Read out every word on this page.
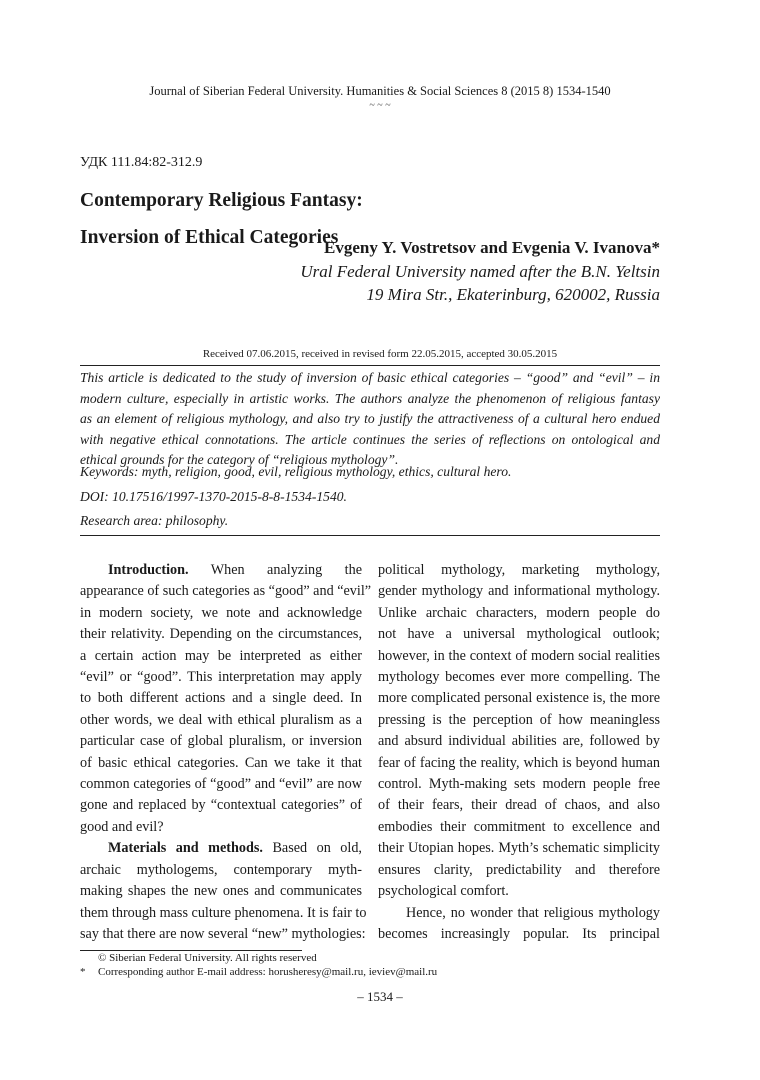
Journal of Siberian Federal University. Humanities & Social Sciences 8 (2015 8) 1534-1540
~ ~ ~
УДК 111.84:82-312.9
Contemporary Religious Fantasy:
Inversion of Ethical Categories
Evgeny Y. Vostretsov and Evgenia V. Ivanova*
Ural Federal University named after the B.N. Yeltsin
19 Mira Str., Ekaterinburg, 620002, Russia
Received 07.06.2015, received in revised form 22.05.2015, accepted 30.05.2015
This article is dedicated to the study of inversion of basic ethical categories – “good” and “evil” – in
modern culture, especially in artistic works. The authors analyze the phenomenon of religious fantasy
as an element of religious mythology, and also try to justify the attractiveness of a cultural hero endued
with negative ethical connotations. The article continues the series of reflections on ontological and
ethical grounds for the category of “religious mythology”.
Keywords: myth, religion, good, evil, religious mythology, ethics, cultural hero.
DOI: 10.17516/1997-1370-2015-8-8-1534-1540.
Research area: philosophy.
Introduction. When analyzing the
appearance of such categories as “good” and “evil”
in modern society, we note and acknowledge
their relativity. Depending on the circumstances,
a certain action may be interpreted as either
“evil” or “good”. This interpretation may apply
to both different actions and a single deed. In
other words, we deal with ethical pluralism as a
particular case of global pluralism, or inversion
of basic ethical categories. Can we take it that
common categories of “good” and “evil” are now
gone and replaced by “contextual categories” of
good and evil?
Materials and methods. Based on old,
archaic mythologems, contemporary myth-
making shapes the new ones and communicates
them through mass culture phenomena. It is fair to
say that there are now several “new” mythologies:
political mythology, marketing mythology,
gender mythology and informational mythology.
Unlike archaic characters, modern people do
not have a universal mythological outlook;
however, in the context of modern social realities
mythology becomes ever more compelling. The
more complicated personal existence is, the more
pressing is the perception of how meaningless
and absurd individual abilities are, followed by
fear of facing the reality, which is beyond human
control. Myth-making sets modern people free
of their fears, their dread of chaos, and also
embodies their commitment to excellence and
their Utopian hopes. Myth’s schematic simplicity
ensures clarity, predictability and therefore
psychological comfort.
Hence, no wonder that religious mythology
becomes increasingly popular. Its principal
© Siberian Federal University. All rights reserved
* Corresponding author E-mail address: horusheresy@mail.ru, ieviev@mail.ru
– 1534 –
